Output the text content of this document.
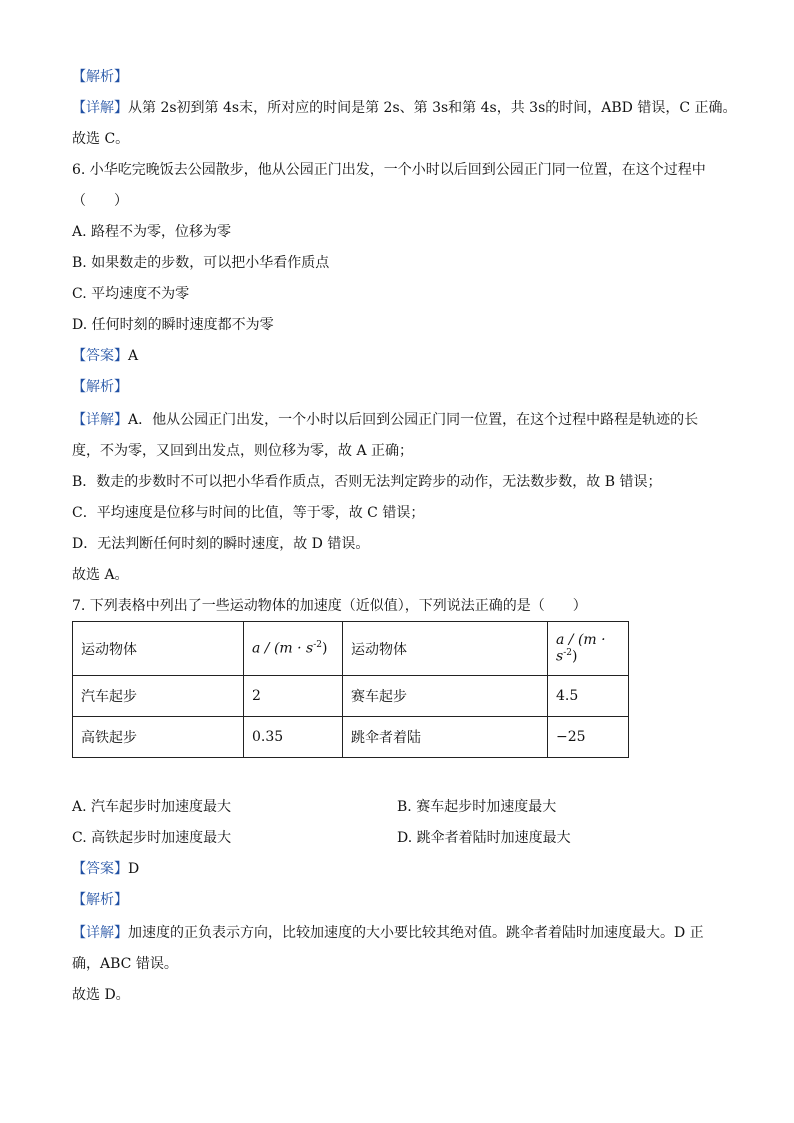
【解析】
【详解】从第 2s初到第 4s末，所对应的时间是第 2s、第 3s和第 4s，共 3s的时间，ABD 错误，C 正确。
故选 C。
6. 小华吃完晚饭去公园散步，他从公园正门出发，一个小时以后回到公园正门同一位置，在这个过程中
（　　）
A. 路程不为零，位移为零
B. 如果数走的步数，可以把小华看作质点
C. 平均速度不为零
D. 任何时刻的瞬时速度都不为零
【答案】A
【解析】
【详解】A．他从公园正门出发，一个小时以后回到公园正门同一位置，在这个过程中路程是轨迹的长
度，不为零，又回到出发点，则位移为零，故 A 正确；
B．数走的步数时不可以把小华看作质点，否则无法判定跨步的动作，无法数步数，故 B 错误；
C．平均速度是位移与时间的比值，等于零，故 C 错误；
D．无法判断任何时刻的瞬时速度，故 D 错误。
故选 A。
7. 下列表格中列出了一些运动物体的加速度（近似值），下列说法正确的是（　　）
运动物体	$a / (m \cdot s^{-2})$	运动物体	$a / (m \cdot s^{-2})$
汽车起步	2	赛车起步	4.5
高铁起步	0.35	跳伞者着陆	−25
A. 汽车起步时加速度最大	B. 赛车起步时加速度最大
C. 高铁起步时加速度最大	D. 跳伞者着陆时加速度最大
【答案】D
【解析】
【详解】加速度的正负表示方向，比较加速度的大小要比较其绝对值。跳伞者着陆时加速度最大。D 正
确，ABC 错误。
故选 D。
